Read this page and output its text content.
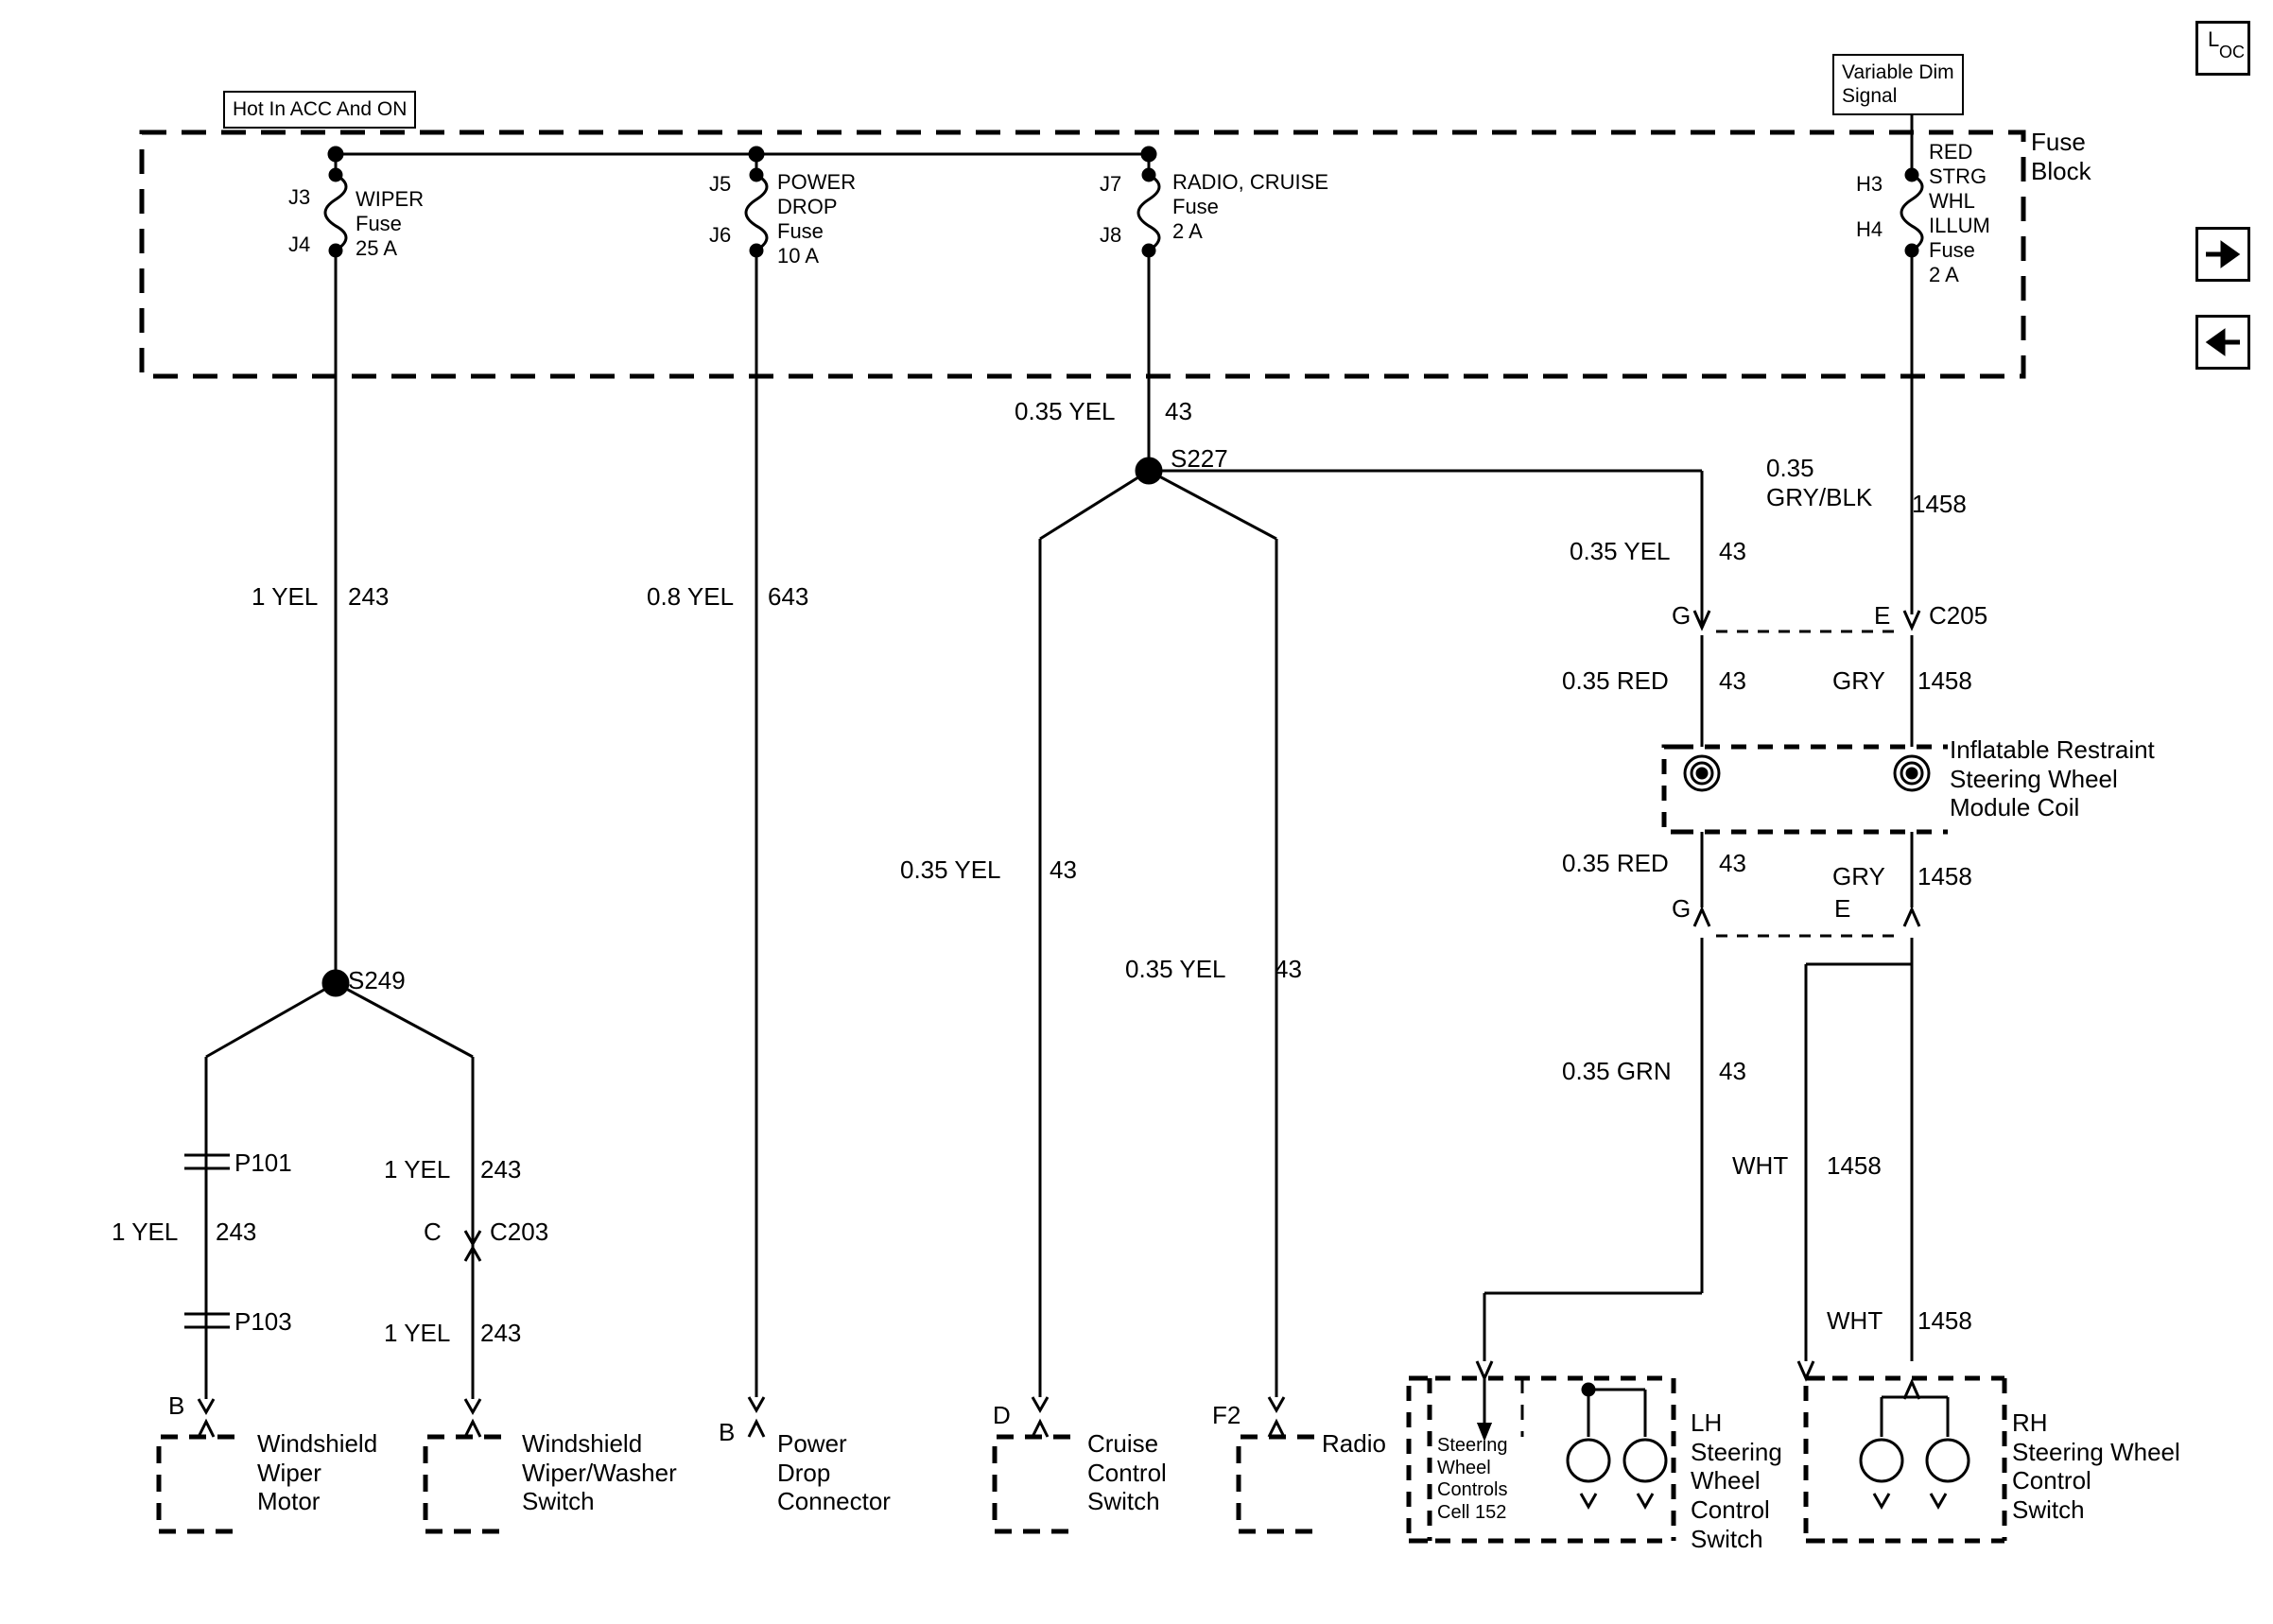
Hot In ACC And ON
Variable Dim
Signal
Fuse
Block
J3
J4
WIPER
Fuse
25 A
J5
J6
POWER
DROP
Fuse
10 A
J7
J8
RADIO, CRUISE
Fuse
2 A
H3
H4
RED
STRG
WHL
ILLUM
Fuse
2 A
0.35 YEL 43
S227
1 YEL 243	0.8 YEL 643
0.35 YEL 43
0.35 YEL 43
0.35
GRY/BLK 1458
0.35 YEL 43
G	E C205
0.35 RED 43	GRY 1458
Inflatable Restraint
Steering Wheel
Module Coil
0.35 RED 43	GRY 1458
G	E
0.35 GRN 43
WHT 1458
WHT 1458
S249
P101
P103
1 YEL 243
1 YEL 243
C C203
1 YEL 243
B
Windshield
Wiper
Motor
Windshield
Wiper/Washer
Switch
B Power
Drop
Connector
D
Cruise
Control
Switch
F2
Radio	Steering
Wheel
Controls
Cell 152
LH
Steering
Wheel
Control
Switch
RH
Steering Wheel
Control
Switch
L
OC
